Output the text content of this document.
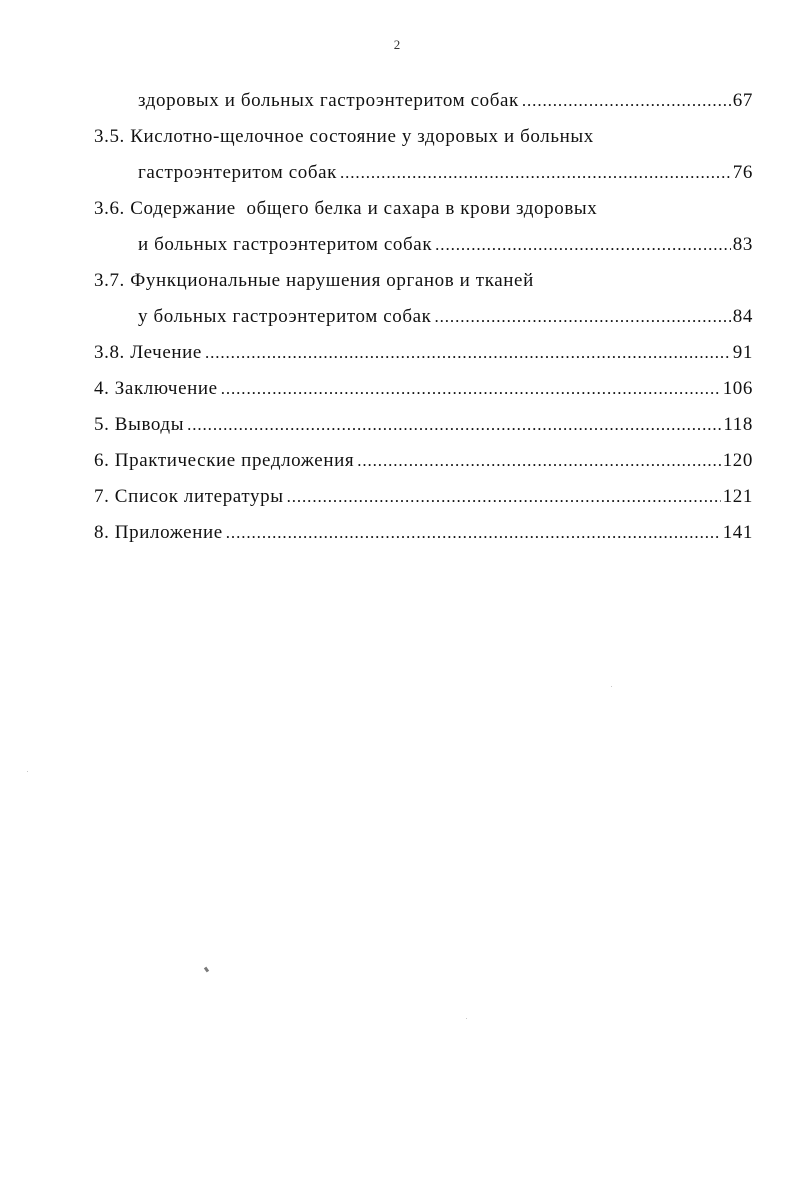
2
здоровых и больных гастроэнтеритом собак .....	67
3.5. Кислотно-щелочное состояние у здоровых и больных
гастроэнтеритом собак .....	76
3.6. Содержание  общего белка и сахара в крови здоровых
и больных гастроэнтеритом собак .....	83
3.7. Функциональные нарушения органов и тканей
у больных гастроэнтеритом собак .....	84
3.8. Лечение .....	91
4. Заключение .....	106
5. Выводы .....	118
6. Практические предложения .....	120
7. Список литературы .....	121
8. Приложение .....	141
